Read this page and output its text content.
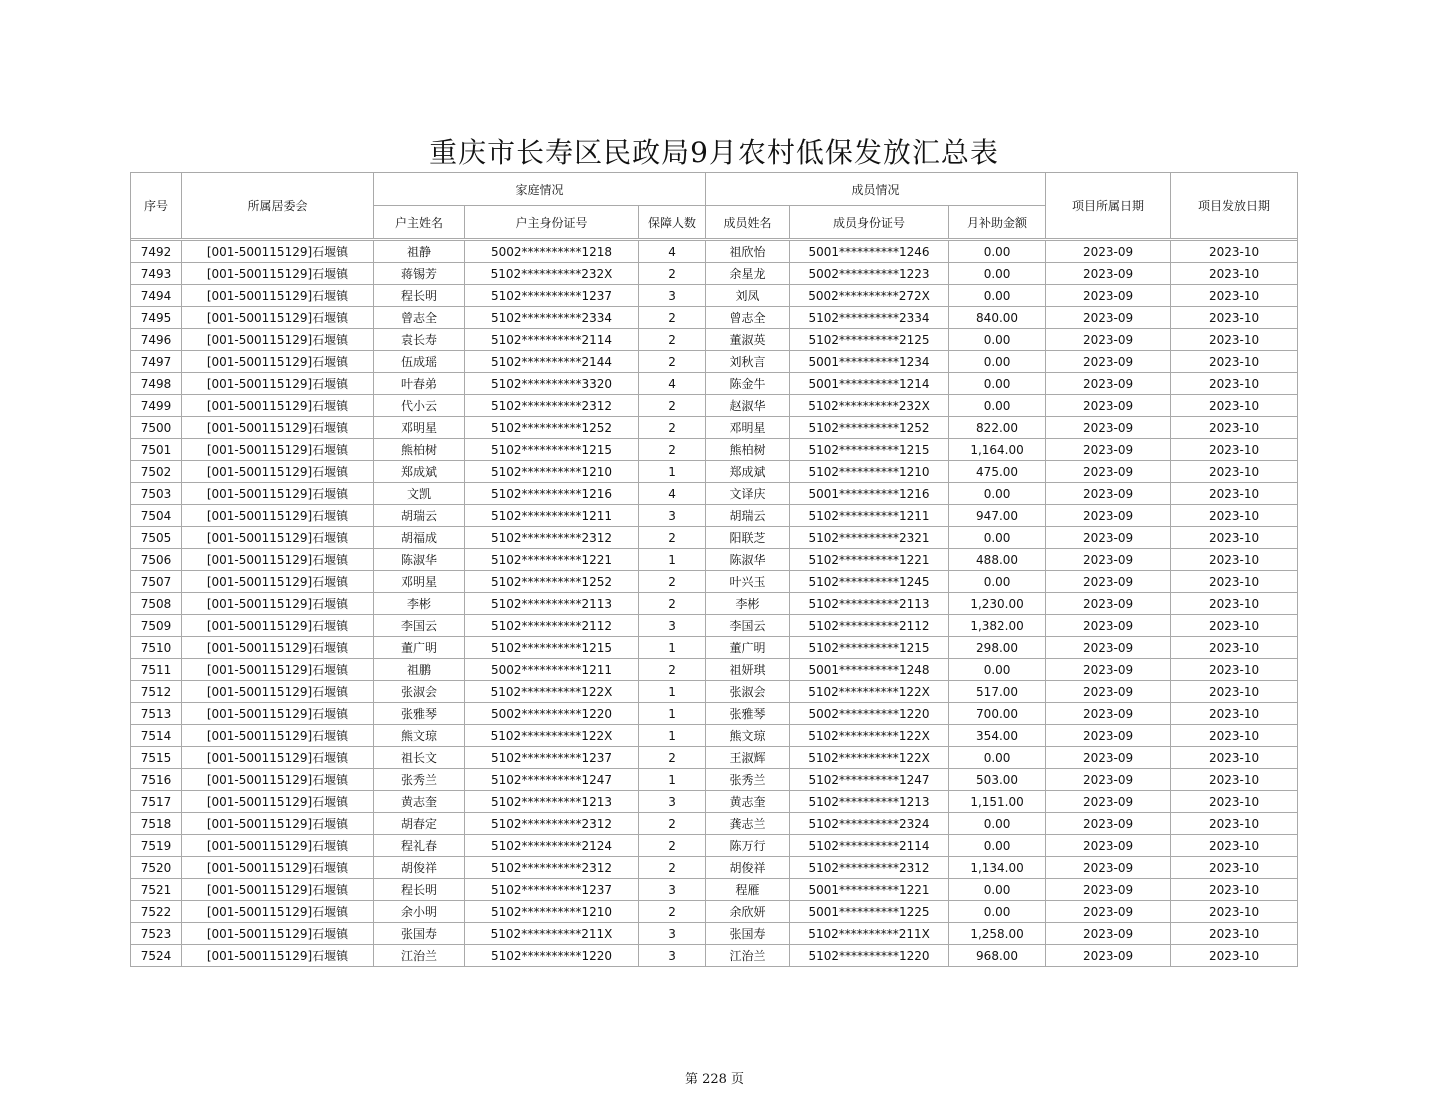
重庆市长寿区民政局9月农村低保发放汇总表
序号	所属居委会	家庭情况			成员情况			项目所属日期	项目发放日期
		户主姓名	户主身份证号	保障人数	成员姓名	成员身份证号	月补助金额		

7492	[001-500115129]石堰镇	祖静	5002**********1218	4	祖欣怡	5001**********1246	0.00	2023-09	2023-10
7493	[001-500115129]石堰镇	蒋锡芳	5102**********232X	2	余星龙	5002**********1223	0.00	2023-09	2023-10
7494	[001-500115129]石堰镇	程长明	5102**********1237	3	刘凤	5002**********272X	0.00	2023-09	2023-10
7495	[001-500115129]石堰镇	曾志全	5102**********2334	2	曾志全	5102**********2334	840.00	2023-09	2023-10
7496	[001-500115129]石堰镇	袁长寿	5102**********2114	2	董淑英	5102**********2125	0.00	2023-09	2023-10
7497	[001-500115129]石堰镇	伍成瑶	5102**********2144	2	刘秋言	5001**********1234	0.00	2023-09	2023-10
7498	[001-500115129]石堰镇	叶春弟	5102**********3320	4	陈金牛	5001**********1214	0.00	2023-09	2023-10
7499	[001-500115129]石堰镇	代小云	5102**********2312	2	赵淑华	5102**********232X	0.00	2023-09	2023-10
7500	[001-500115129]石堰镇	邓明星	5102**********1252	2	邓明星	5102**********1252	822.00	2023-09	2023-10
7501	[001-500115129]石堰镇	熊柏树	5102**********1215	2	熊柏树	5102**********1215	1,164.00	2023-09	2023-10
7502	[001-500115129]石堰镇	郑成斌	5102**********1210	1	郑成斌	5102**********1210	475.00	2023-09	2023-10
7503	[001-500115129]石堰镇	文凯	5102**********1216	4	文译庆	5001**********1216	0.00	2023-09	2023-10
7504	[001-500115129]石堰镇	胡瑞云	5102**********1211	3	胡瑞云	5102**********1211	947.00	2023-09	2023-10
7505	[001-500115129]石堰镇	胡福成	5102**********2312	2	阳联芝	5102**********2321	0.00	2023-09	2023-10
7506	[001-500115129]石堰镇	陈淑华	5102**********1221	1	陈淑华	5102**********1221	488.00	2023-09	2023-10
7507	[001-500115129]石堰镇	邓明星	5102**********1252	2	叶兴玉	5102**********1245	0.00	2023-09	2023-10
7508	[001-500115129]石堰镇	李彬	5102**********2113	2	李彬	5102**********2113	1,230.00	2023-09	2023-10
7509	[001-500115129]石堰镇	李国云	5102**********2112	3	李国云	5102**********2112	1,382.00	2023-09	2023-10
7510	[001-500115129]石堰镇	董广明	5102**********1215	1	董广明	5102**********1215	298.00	2023-09	2023-10
7511	[001-500115129]石堰镇	祖鹏	5002**********1211	2	祖妍琪	5001**********1248	0.00	2023-09	2023-10
7512	[001-500115129]石堰镇	张淑会	5102**********122X	1	张淑会	5102**********122X	517.00	2023-09	2023-10
7513	[001-500115129]石堰镇	张雅琴	5002**********1220	1	张雅琴	5002**********1220	700.00	2023-09	2023-10
7514	[001-500115129]石堰镇	熊文琼	5102**********122X	1	熊文琼	5102**********122X	354.00	2023-09	2023-10
7515	[001-500115129]石堰镇	祖长文	5102**********1237	2	王淑辉	5102**********122X	0.00	2023-09	2023-10
7516	[001-500115129]石堰镇	张秀兰	5102**********1247	1	张秀兰	5102**********1247	503.00	2023-09	2023-10
7517	[001-500115129]石堰镇	黄志奎	5102**********1213	3	黄志奎	5102**********1213	1,151.00	2023-09	2023-10
7518	[001-500115129]石堰镇	胡春定	5102**********2312	2	龚志兰	5102**********2324	0.00	2023-09	2023-10
7519	[001-500115129]石堰镇	程礼春	5102**********2124	2	陈万行	5102**********2114	0.00	2023-09	2023-10
7520	[001-500115129]石堰镇	胡俊祥	5102**********2312	2	胡俊祥	5102**********2312	1,134.00	2023-09	2023-10
7521	[001-500115129]石堰镇	程长明	5102**********1237	3	程雁	5001**********1221	0.00	2023-09	2023-10
7522	[001-500115129]石堰镇	余小明	5102**********1210	2	余欣妍	5001**********1225	0.00	2023-09	2023-10
7523	[001-500115129]石堰镇	张国寿	5102**********211X	3	张国寿	5102**********211X	1,258.00	2023-09	2023-10
7524	[001-500115129]石堰镇	江治兰	5102**********1220	3	江治兰	5102**********1220	968.00	2023-09	2023-10
第 228 页
